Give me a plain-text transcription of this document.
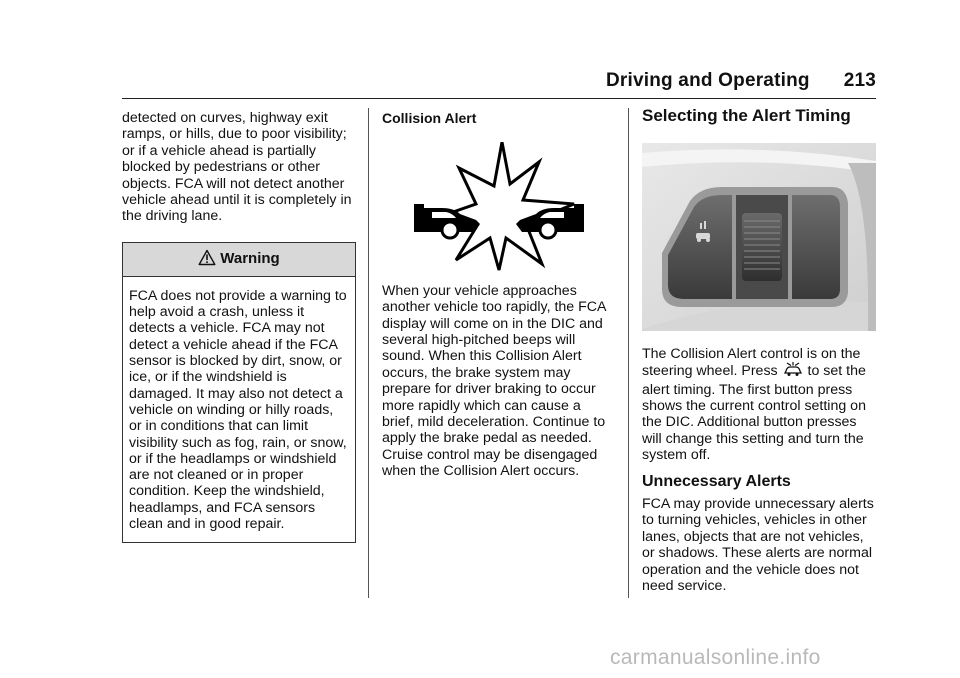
Driving and Operating 213

detected on curves, highway exit ramps, or hills, due to poor visibility; or if a vehicle ahead is partially blocked by pedestrians or other objects. FCA will not detect another vehicle ahead until it is completely in the driving lane.

Warning
FCA does not provide a warning to help avoid a crash, unless it detects a vehicle. FCA may not detect a vehicle ahead if the FCA sensor is blocked by dirt, snow, or ice, or if the windshield is damaged. It may also not detect a vehicle on winding or hilly roads, or in conditions that can limit visibility such as fog, rain, or snow, or if the headlamps or windshield are not cleaned or in proper condition. Keep the windshield, headlamps, and FCA sensors clean and in good repair.

Collision Alert

When your vehicle approaches another vehicle too rapidly, the FCA display will come on in the DIC and several high-pitched beeps will sound. When this Collision Alert occurs, the brake system may prepare for driver braking to occur more rapidly which can cause a brief, mild deceleration. Continue to apply the brake pedal as needed. Cruise control may be disengaged when the Collision Alert occurs.

Selecting the Alert Timing

The Collision Alert control is on the steering wheel. Press  to set the alert timing. The first button press shows the current control setting on the DIC. Additional button presses will change this setting and turn the system off.

Unnecessary Alerts

FCA may provide unnecessary alerts to turning vehicles, vehicles in other lanes, objects that are not vehicles, or shadows. These alerts are normal operation and the vehicle does not need service.

carmanualsonline.info
